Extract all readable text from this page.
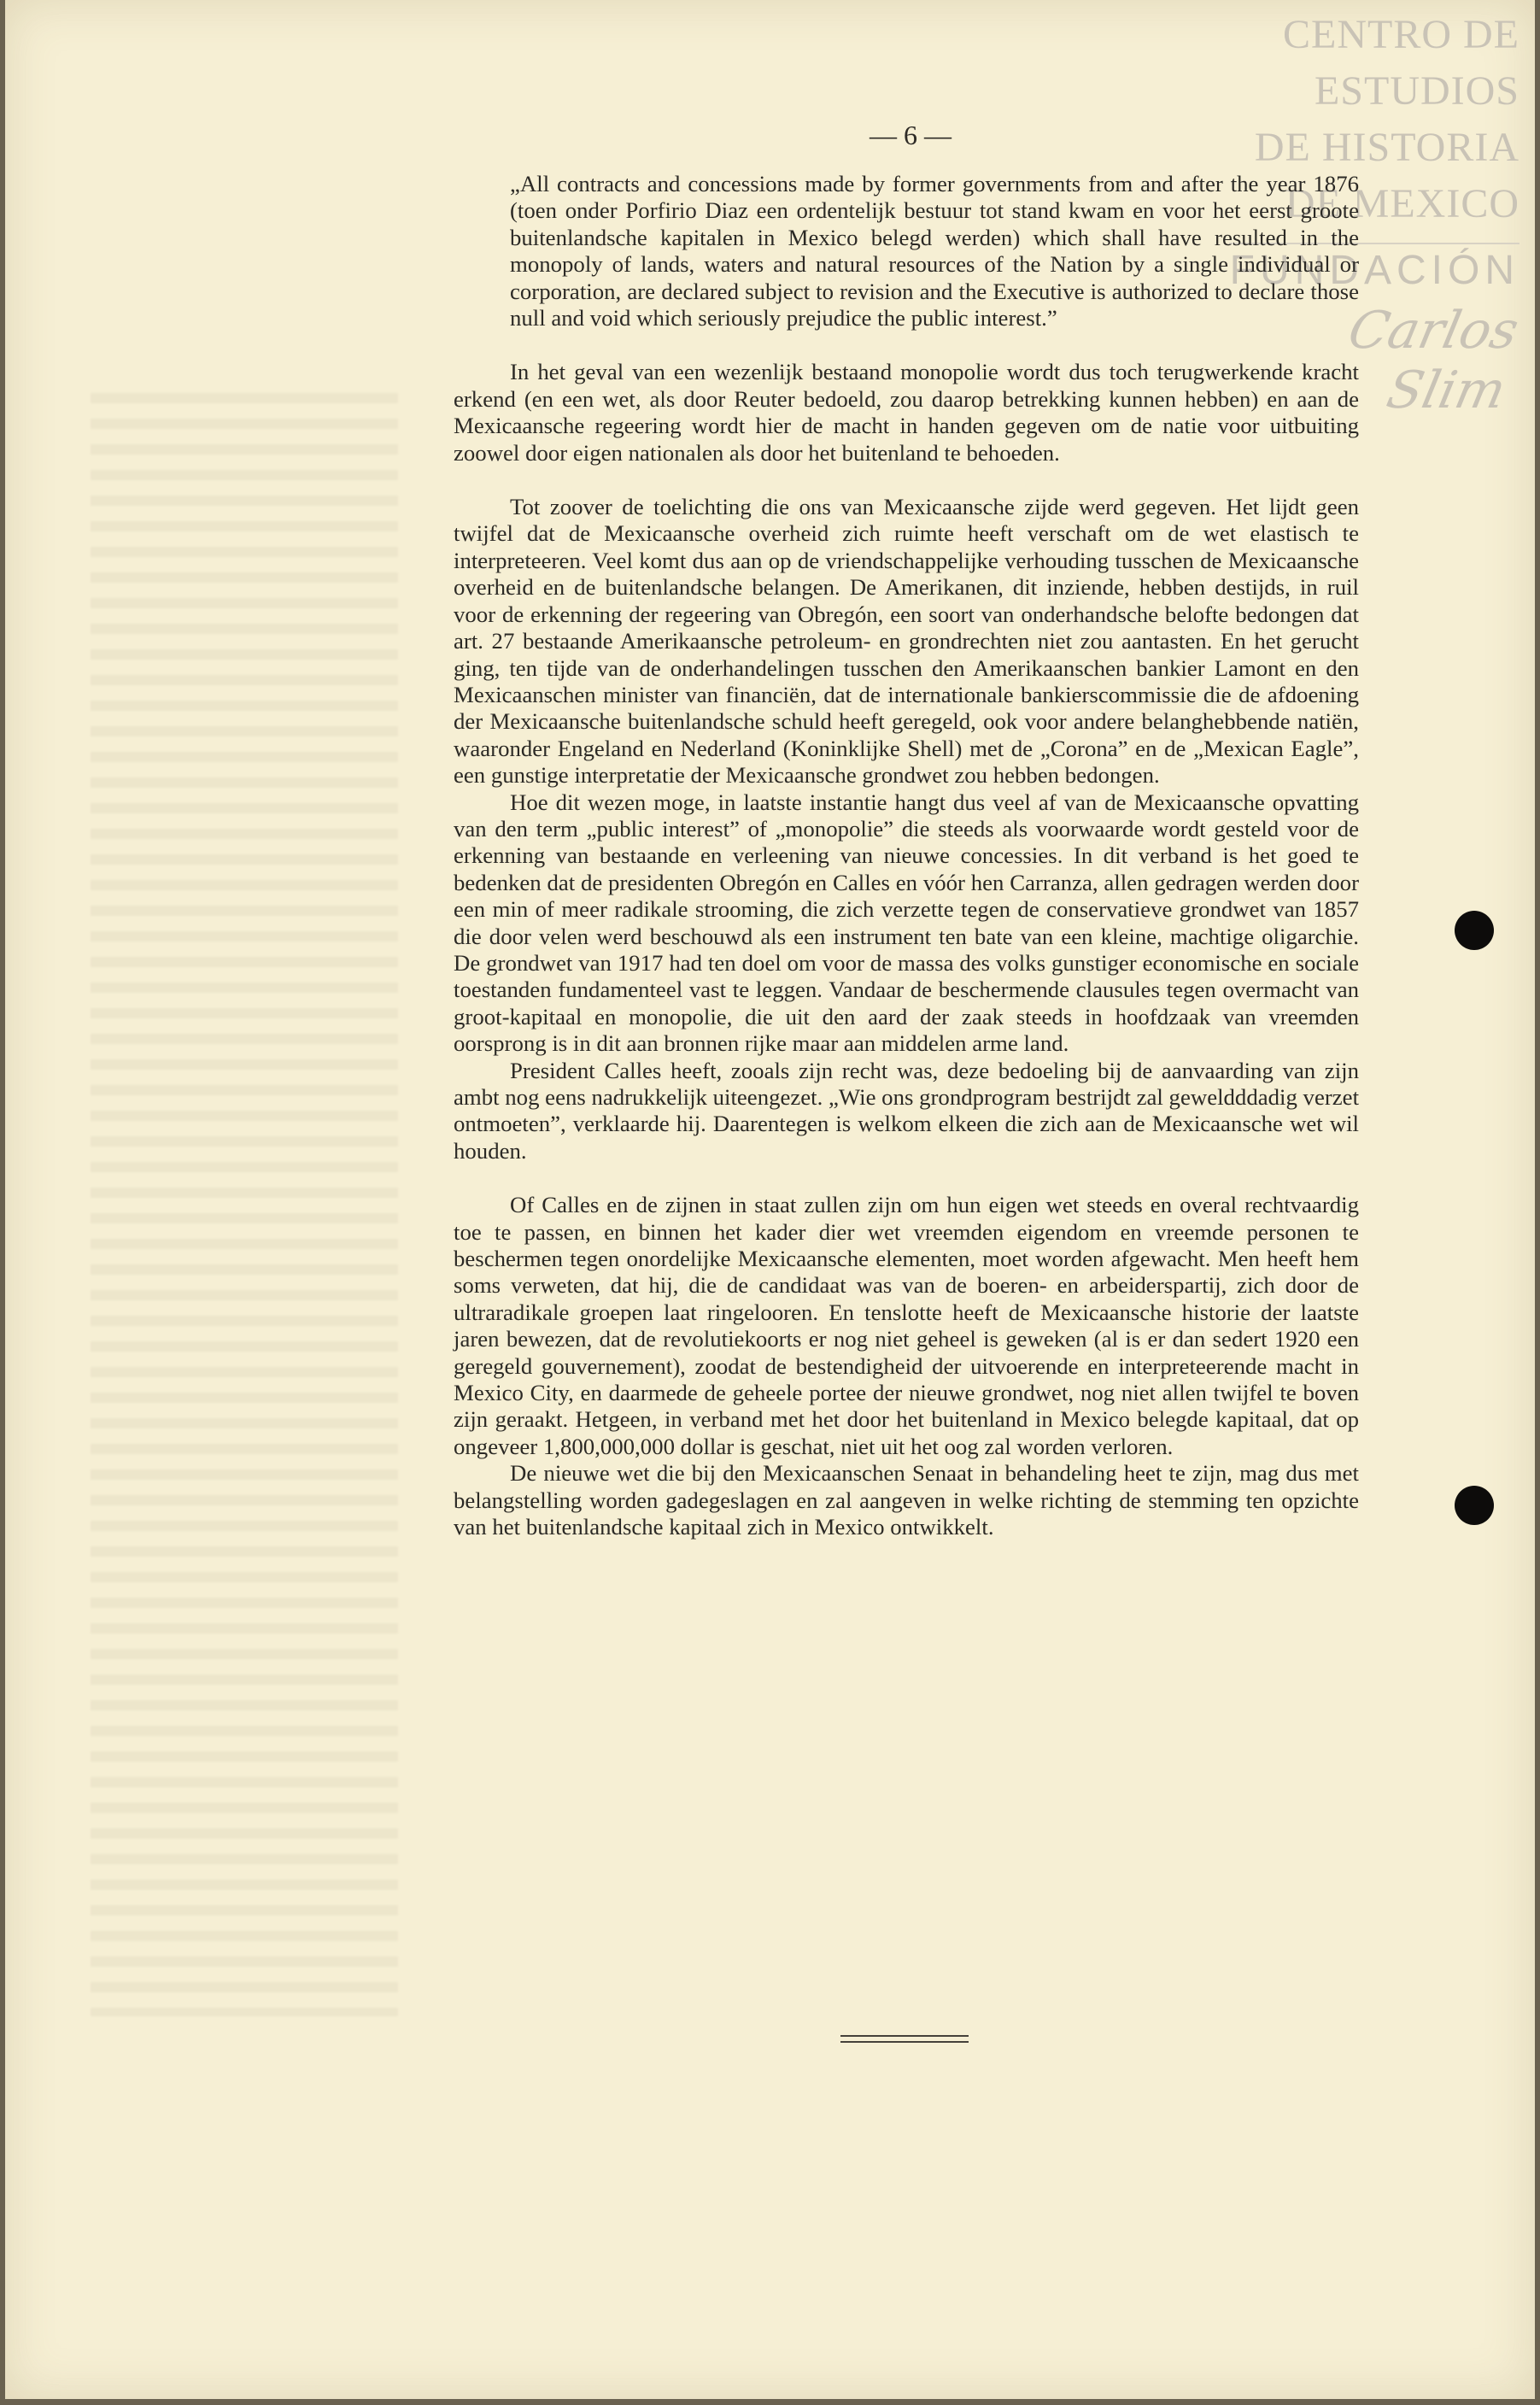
CENTRO DE
ESTUDIOS
DE HISTORIA
DE MEXICO
FUNDACIÓN
Carlos Slim
— 6 —

„All contracts and concessions made by former governments from and after the year 1876 (toen onder Porfirio Diaz een ordentelijk bestuur tot stand kwam en voor het eerst groote buitenlandsche kapitalen in Mexico belegd werden) which shall have resulted in the monopoly of lands, waters and natural resources of the Nation by a single individual or corporation, are declared subject to revision and the Executive is authorized to declare those null and void which seriously prejudice the public interest.”

In het geval van een wezenlijk bestaand monopolie wordt dus toch terugwerkende kracht erkend (en een wet, als door Reuter bedoeld, zou daarop betrekking kunnen hebben) en aan de Mexicaansche regeering wordt hier de macht in handen gegeven om de natie voor uitbuiting zoowel door eigen nationalen als door het buitenland te behoeden.

Tot zoover de toelichting die ons van Mexicaansche zijde werd gegeven. Het lijdt geen twijfel dat de Mexicaansche overheid zich ruimte heeft verschaft om de wet elastisch te interpreteeren. Veel komt dus aan op de vriendschappelijke verhouding tusschen de Mexicaansche overheid en de buitenlandsche belangen. De Amerikanen, dit inziende, hebben destijds, in ruil voor de erkenning der regeering van Obregón, een soort van onderhandsche belofte bedongen dat art. 27 bestaande Amerikaansche petroleum- en grondrechten niet zou aantasten. En het gerucht ging, ten tijde van de onderhandelingen tusschen den Amerikaanschen bankier Lamont en den Mexicaanschen minister van financiën, dat de internationale bankierscommissie die de afdoening der Mexicaansche buitenlandsche schuld heeft geregeld, ook voor andere belanghebbende natiën, waaronder Engeland en Nederland (Koninklijke Shell) met de „Corona” en de „Mexican Eagle”, een gunstige interpretatie der Mexicaansche grondwet zou hebben bedongen.

Hoe dit wezen moge, in laatste instantie hangt dus veel af van de Mexicaansche opvatting van den term „public interest” of „monopolie” die steeds als voorwaarde wordt gesteld voor de erkenning van bestaande en verleening van nieuwe concessies. In dit verband is het goed te bedenken dat de presidenten Obregón en Calles en vóór hen Carranza, allen gedragen werden door een min of meer radikale strooming, die zich verzette tegen de conservatieve grondwet van 1857 die door velen werd beschouwd als een instrument ten bate van een kleine, machtige oligarchie. De grondwet van 1917 had ten doel om voor de massa des volks gunstiger economische en sociale toestanden fundamenteel vast te leggen. Vandaar de beschermende clausules tegen overmacht van groot-kapitaal en monopolie, die uit den aard der zaak steeds in hoofdzaak van vreemden oorsprong is in dit aan bronnen rijke maar aan middelen arme land.

President Calles heeft, zooals zijn recht was, deze bedoeling bij de aanvaarding van zijn ambt nog eens nadrukkelijk uiteengezet. „Wie ons grondprogram bestrijdt zal geweldddadig verzet ontmoeten”, verklaarde hij. Daarentegen is welkom elkeen die zich aan de Mexicaansche wet wil houden.

Of Calles en de zijnen in staat zullen zijn om hun eigen wet steeds en overal rechtvaardig toe te passen, en binnen het kader dier wet vreemden eigendom en vreemde personen te beschermen tegen onordelijke Mexicaansche elementen, moet worden afgewacht. Men heeft hem soms verweten, dat hij, die de candidaat was van de boeren- en arbeiderspartij, zich door de ultraradikale groepen laat ringelooren. En tenslotte heeft de Mexicaansche historie der laatste jaren bewezen, dat de revolutiekoorts er nog niet geheel is geweken (al is er dan sedert 1920 een geregeld gouvernement), zoodat de bestendigheid der uitvoerende en interpreteerende macht in Mexico City, en daarmede de geheele portee der nieuwe grondwet, nog niet allen twijfel te boven zijn geraakt. Hetgeen, in verband met het door het buitenland in Mexico belegde kapitaal, dat op ongeveer 1,800,000,000 dollar is geschat, niet uit het oog zal worden verloren.

De nieuwe wet die bij den Mexicaanschen Senaat in behandeling heet te zijn, mag dus met belangstelling worden gadegeslagen en zal aangeven in welke richting de stemming ten opzichte van het buitenlandsche kapitaal zich in Mexico ontwikkelt.
